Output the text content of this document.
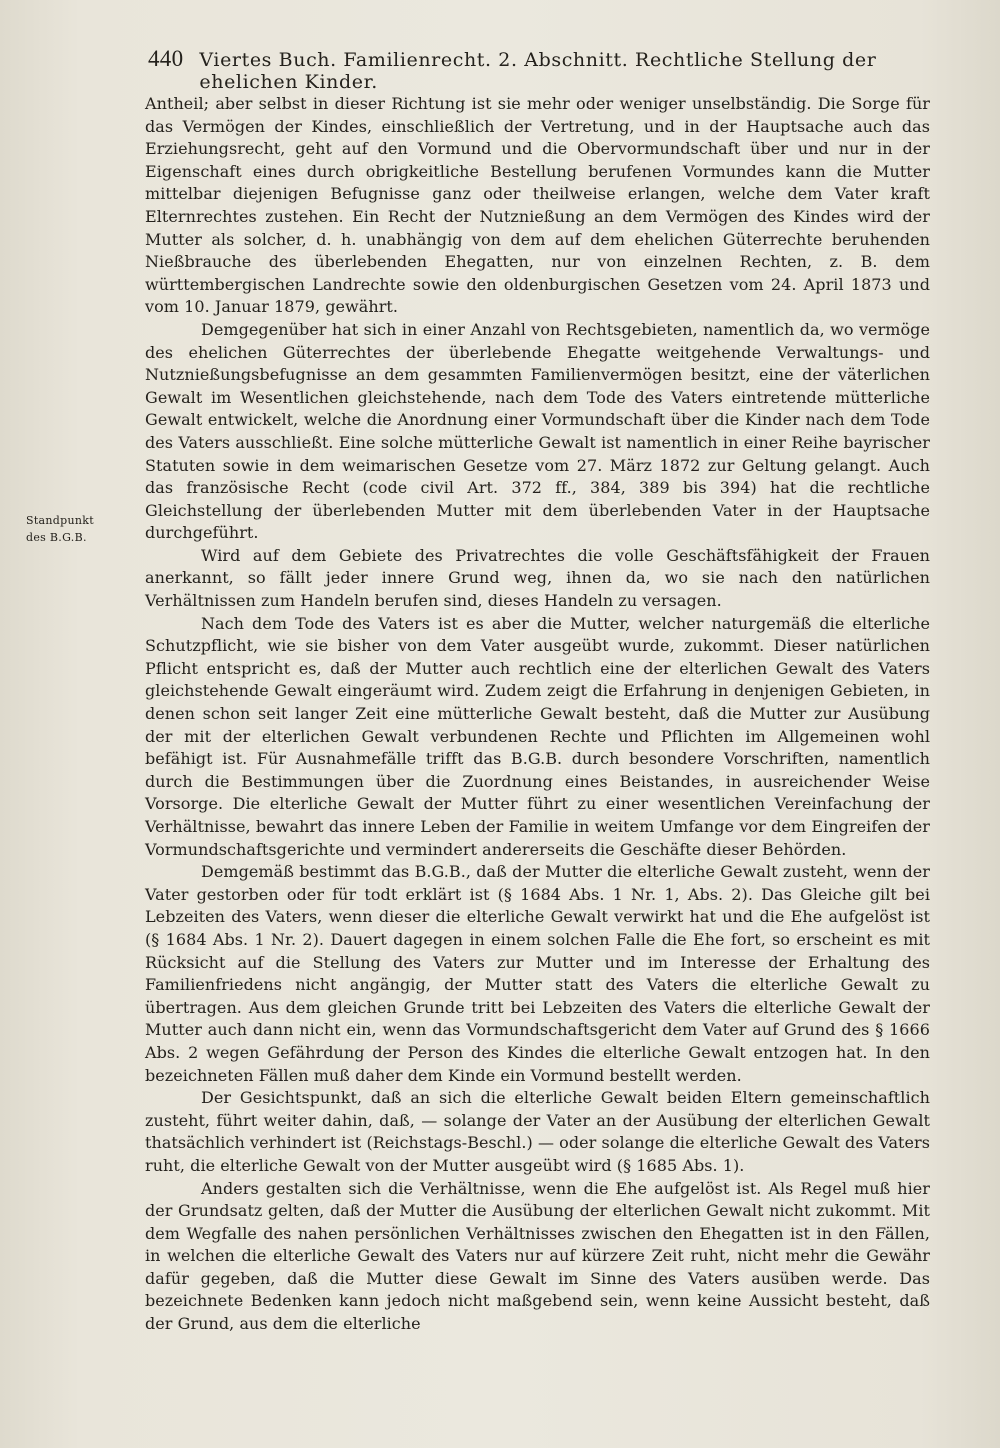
440 Viertes Buch. Familienrecht. 2. Abschnitt. Rechtliche Stellung der ehelichen Kinder.
Standpunkt
des B.G.B.

Antheil; aber selbst in dieser Richtung ist sie mehr oder weniger unselbständig. Die Sorge für das Vermögen der Kindes, einschließlich der Vertretung, und in der Hauptsache auch das Erziehungsrecht, geht auf den Vormund und die Obervormundschaft über und nur in der Eigenschaft eines durch obrigkeitliche Bestellung berufenen Vormundes kann die Mutter mittelbar diejenigen Befugnisse ganz oder theilweise erlangen, welche dem Vater kraft Elternrechtes zustehen. Ein Recht der Nutznießung an dem Vermögen des Kindes wird der Mutter als solcher, d. h. unabhängig von dem auf dem ehelichen Güterrechte beruhenden Nießbrauche des überlebenden Ehegatten, nur von einzelnen Rechten, z. B. dem württembergischen Landrechte sowie den oldenburgischen Gesetzen vom 24. April 1873 und vom 10. Januar 1879, gewährt.

Demgegenüber hat sich in einer Anzahl von Rechtsgebieten, namentlich da, wo vermöge des ehelichen Güterrechtes der überlebende Ehegatte weitgehende Verwaltungs- und Nutznießungsbefugnisse an dem gesammten Familienvermögen besitzt, eine der väterlichen Gewalt im Wesentlichen gleichstehende, nach dem Tode des Vaters eintretende mütterliche Gewalt entwickelt, welche die Anordnung einer Vormundschaft über die Kinder nach dem Tode des Vaters ausschließt. Eine solche mütterliche Gewalt ist namentlich in einer Reihe bayrischer Statuten sowie in dem weimarischen Gesetze vom 27. März 1872 zur Geltung gelangt. Auch das französische Recht (code civil Art. 372 ff., 384, 389 bis 394) hat die rechtliche Gleichstellung der überlebenden Mutter mit dem überlebenden Vater in der Hauptsache durchgeführt.

Wird auf dem Gebiete des Privatrechtes die volle Geschäftsfähigkeit der Frauen anerkannt, so fällt jeder innere Grund weg, ihnen da, wo sie nach den natürlichen Verhältnissen zum Handeln berufen sind, dieses Handeln zu versagen.

Nach dem Tode des Vaters ist es aber die Mutter, welcher naturgemäß die elterliche Schutzpflicht, wie sie bisher von dem Vater ausgeübt wurde, zukommt. Dieser natürlichen Pflicht entspricht es, daß der Mutter auch rechtlich eine der elterlichen Gewalt des Vaters gleichstehende Gewalt eingeräumt wird. Zudem zeigt die Erfahrung in denjenigen Gebieten, in denen schon seit langer Zeit eine mütterliche Gewalt besteht, daß die Mutter zur Ausübung der mit der elterlichen Gewalt verbundenen Rechte und Pflichten im Allgemeinen wohl befähigt ist. Für Ausnahmefälle trifft das B.G.B. durch besondere Vorschriften, namentlich durch die Bestimmungen über die Zuordnung eines Beistandes, in ausreichender Weise Vorsorge. Die elterliche Gewalt der Mutter führt zu einer wesentlichen Vereinfachung der Verhältnisse, bewahrt das innere Leben der Familie in weitem Umfange vor dem Eingreifen der Vormundschaftsgerichte und vermindert andererseits die Geschäfte dieser Behörden.

Demgemäß bestimmt das B.G.B., daß der Mutter die elterliche Gewalt zusteht, wenn der Vater gestorben oder für todt erklärt ist (§ 1684 Abs. 1 Nr. 1, Abs. 2). Das Gleiche gilt bei Lebzeiten des Vaters, wenn dieser die elterliche Gewalt verwirkt hat und die Ehe aufgelöst ist (§ 1684 Abs. 1 Nr. 2). Dauert dagegen in einem solchen Falle die Ehe fort, so erscheint es mit Rücksicht auf die Stellung des Vaters zur Mutter und im Interesse der Erhaltung des Familienfriedens nicht angängig, der Mutter statt des Vaters die elterliche Gewalt zu übertragen. Aus dem gleichen Grunde tritt bei Lebzeiten des Vaters die elterliche Gewalt der Mutter auch dann nicht ein, wenn das Vormundschaftsgericht dem Vater auf Grund des § 1666 Abs. 2 wegen Gefährdung der Person des Kindes die elterliche Gewalt entzogen hat. In den bezeichneten Fällen muß daher dem Kinde ein Vormund bestellt werden.

Der Gesichtspunkt, daß an sich die elterliche Gewalt beiden Eltern gemeinschaftlich zusteht, führt weiter dahin, daß, — solange der Vater an der Ausübung der elterlichen Gewalt thatsächlich verhindert ist (Reichstags-Beschl.) — oder solange die elterliche Gewalt des Vaters ruht, die elterliche Gewalt von der Mutter ausgeübt wird (§ 1685 Abs. 1).

Anders gestalten sich die Verhältnisse, wenn die Ehe aufgelöst ist. Als Regel muß hier der Grundsatz gelten, daß der Mutter die Ausübung der elterlichen Gewalt nicht zukommt. Mit dem Wegfalle des nahen persönlichen Verhältnisses zwischen den Ehegatten ist in den Fällen, in welchen die elterliche Gewalt des Vaters nur auf kürzere Zeit ruht, nicht mehr die Gewähr dafür gegeben, daß die Mutter diese Gewalt im Sinne des Vaters ausüben werde. Das bezeichnete Bedenken kann jedoch nicht maßgebend sein, wenn keine Aussicht besteht, daß der Grund, aus dem die elterliche
